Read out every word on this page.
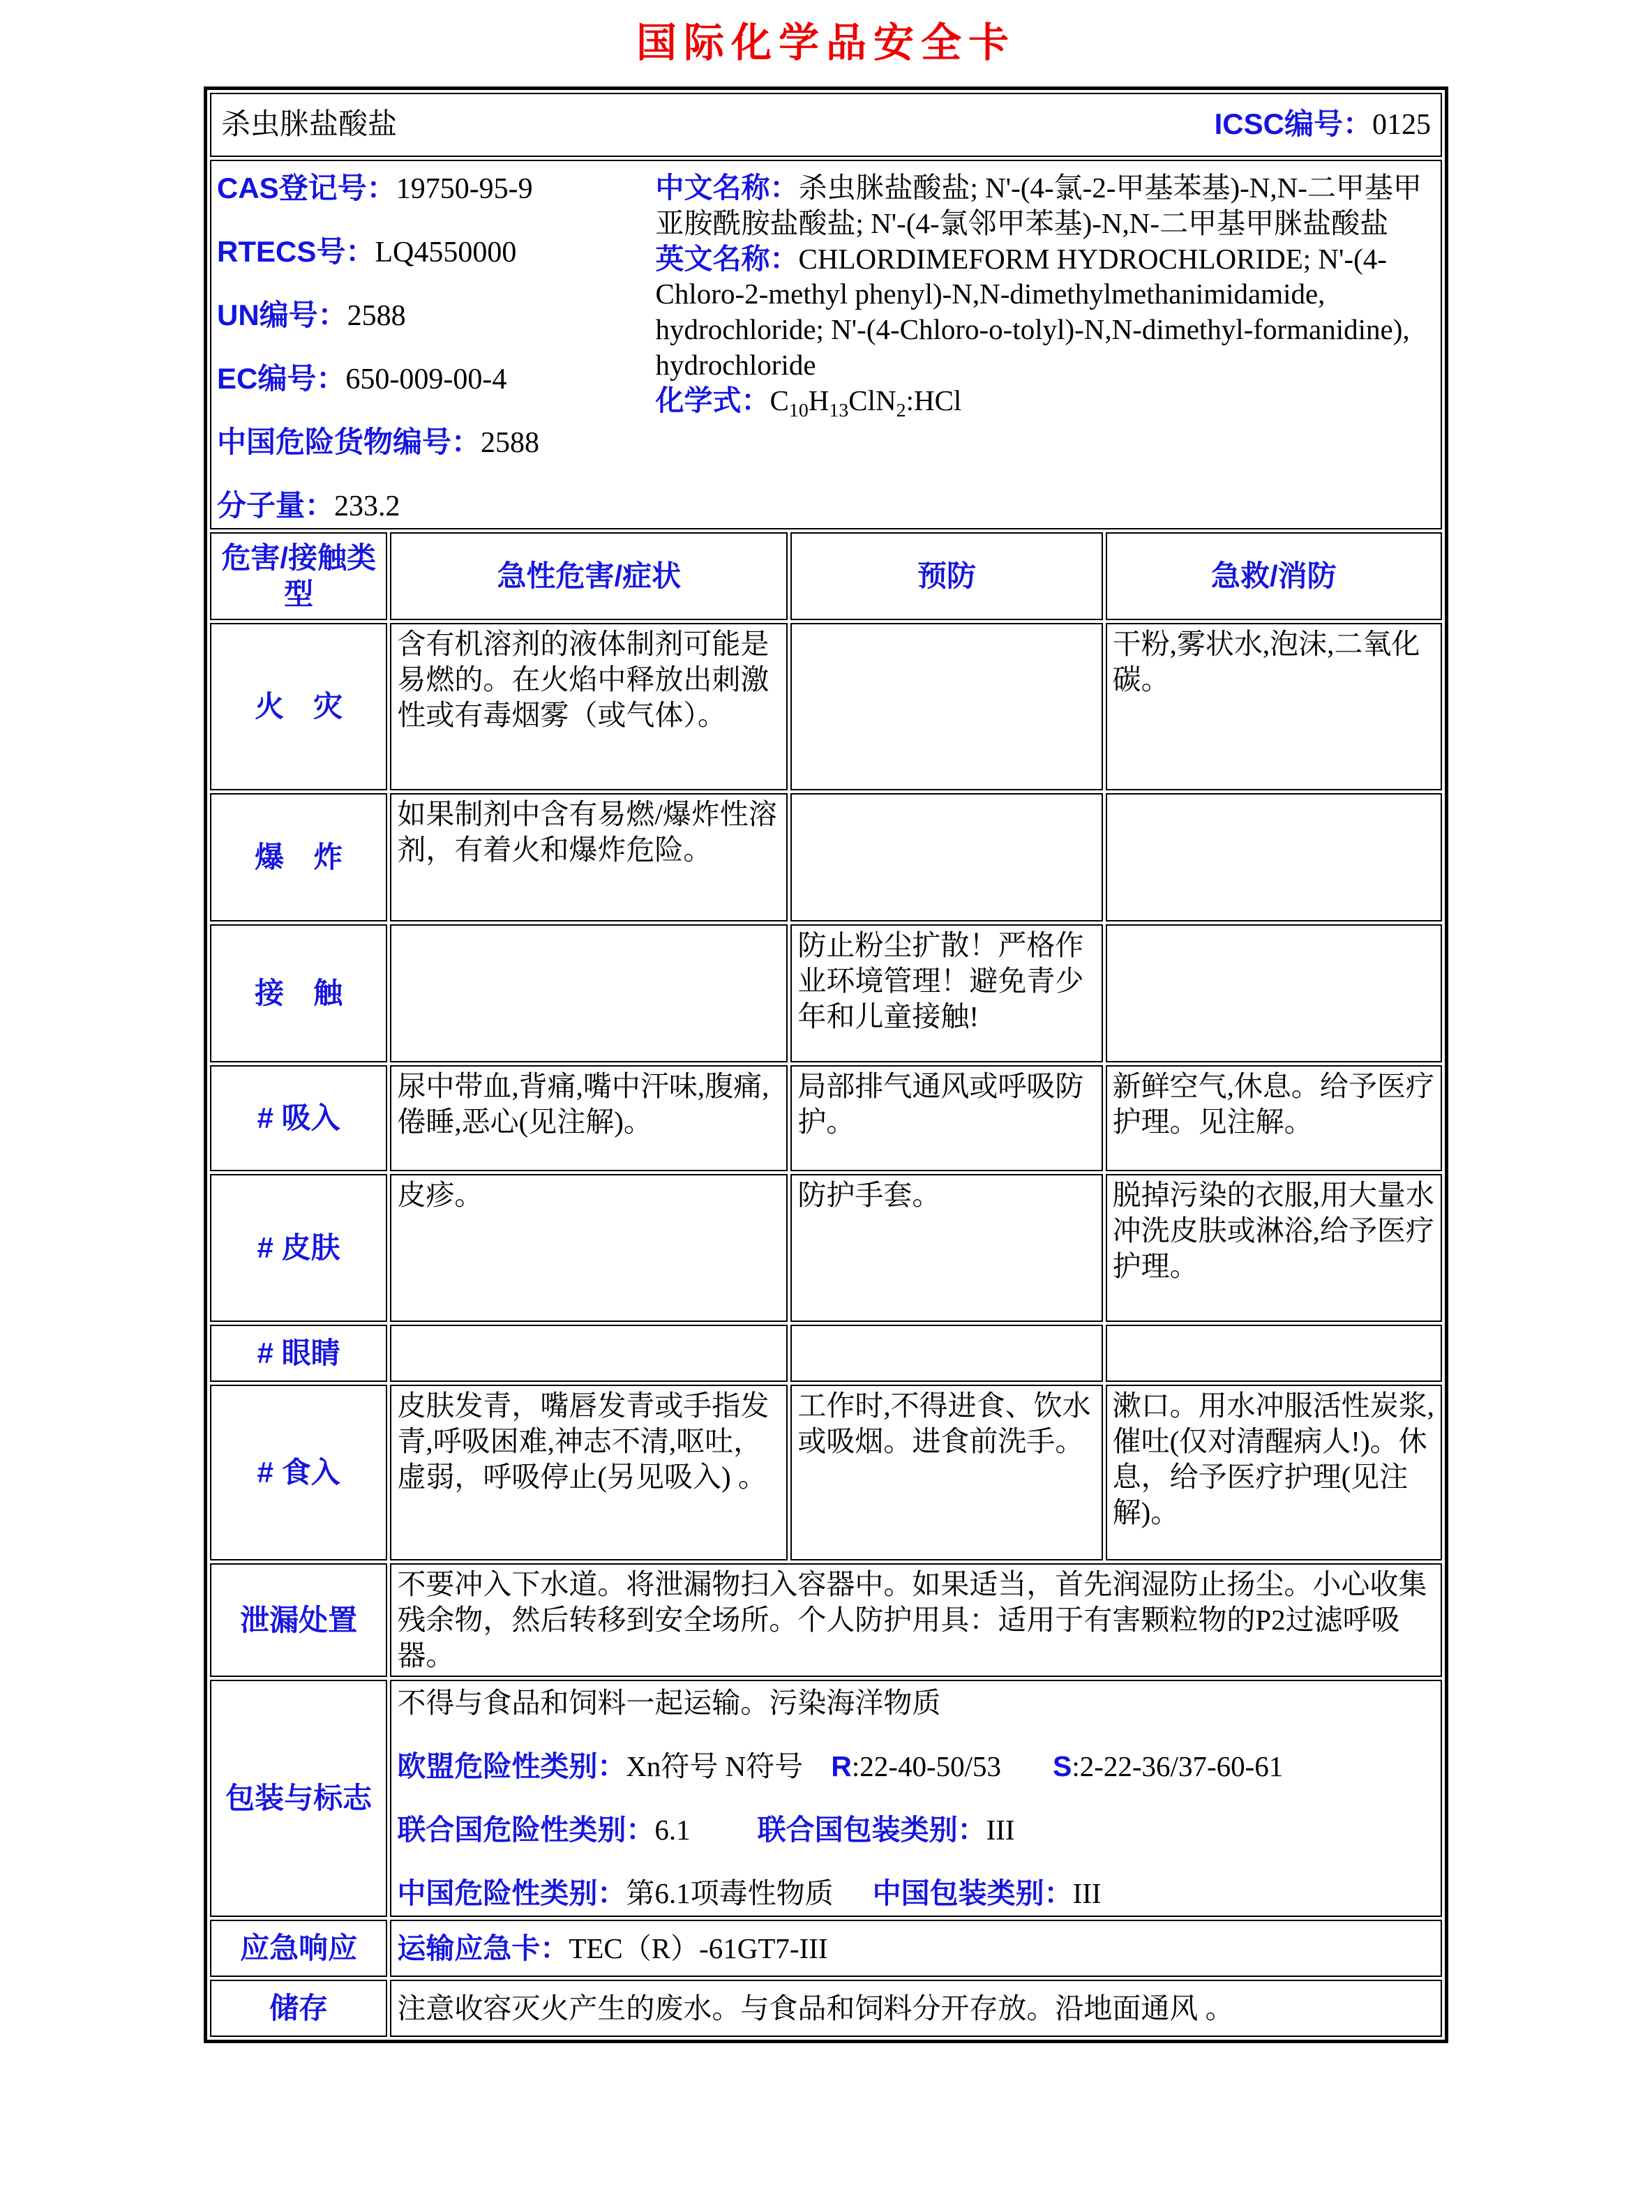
国际化学品安全卡
杀虫脒盐酸盐 ICSC编号：0125			

CAS登记号：19750-95-9

RTECS号：LQ4550000

UN编号：2588

EC编号：650-009-00-4

中国危险货物编号：2588

分子量：233.2

中文名称：杀虫脒盐酸盐; N'-(4-氯-2-甲基苯基)-N,N-二甲基甲亚胺酰胺盐酸盐; N'-(4-氯邻甲苯基)-N,N-二甲基甲脒盐酸盐

英文名称：CHLORDIMEFORM HYDROCHLORIDE; N'-(4-Chloro-2-methyl phenyl)-N,N-dimethylmethanimidamide, hydrochloride; N'-(4-Chloro-o-tolyl)-N,N-dimethyl-formanidine), hydrochloride

化学式：$C_{10}H_{13}ClN_2:HCl$

危害/接触类型	急性危害/症状	预防	急救/消防
火　灾	含有机溶剂的液体制剂可能是易燃的。在火焰中释放出刺激性或有毒烟雾（或气体）。		干粉,雾状水,泡沫,二氧化碳。
爆　炸	如果制剂中含有易燃/爆炸性溶剂，有着火和爆炸危险。		
接　触		防止粉尘扩散！严格作业环境管理！避免青少年和儿童接触!	
# 吸入	尿中带血,背痛,嘴中汗味,腹痛,倦睡,恶心(见注解)。	局部排气通风或呼吸防护。	新鲜空气,休息。给予医疗护理。见注解。
# 皮肤	皮疹。	防护手套。	脱掉污染的衣服,用大量水冲洗皮肤或淋浴,给予医疗护理。
# 眼睛			
# 食入	皮肤发青，嘴唇发青或手指发青,呼吸困难,神志不清,呕吐，虚弱，呼吸停止(另见吸入) 。	工作时,不得进食、饮水或吸烟。进食前洗手。	漱口。用水冲服活性炭浆,催吐(仅对清醒病人!)。休息，给予医疗护理(见注解)。
泄漏处置	不要冲入下水道。将泄漏物扫入容器中。如果适当，首先润湿防止扬尘。小心收集残余物，然后转移到安全场所。个人防护用具：适用于有害颗粒物的P2过滤呼吸器。		
包装与标志	不得与食品和饲料一起运输。污染海洋物质

欧盟危险性类别：Xn符号 N符号 R:22-40-50/53 S:2-22-36/37-60-61

联合国危险性类别：6.1 联合国包装类别：III

中国危险性类别：第6.1项毒性物质 中国包装类别：III		

应急响应	运输应急卡：TEC（R）-61GT7-III		
储存	注意收容灭火产生的废水。与食品和饲料分开存放。沿地面通风 。		
